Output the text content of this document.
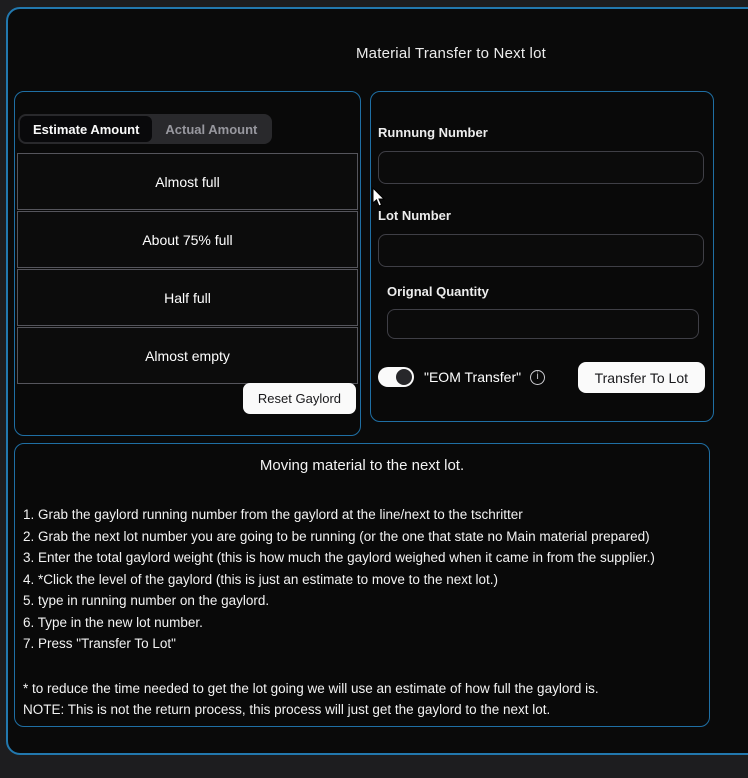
Material Transfer to Next lot
Estimate Amount	Actual Amount
Almost full
About 75% full
Half full
Almost empty
Reset Gaylord
Runnung Number
Lot Number
Orignal Quantity
"EOM Transfer"	i	Transfer To Lot
Moving material to the next lot.
1. Grab the gaylord running number from the gaylord at the line/next to the tschritter
2. Grab the next lot number you are going to be running (or the one that state no Main material prepared)
3. Enter the total gaylord weight (this is how much the gaylord weighed when it came in from the supplier.)
4. *Click the level of the gaylord (this is just an estimate to move to the next lot.)
5. type in running number on the gaylord.
6. Type in the new lot number.
7. Press "Transfer To Lot"
* to reduce the time needed to get the lot going we will use an estimate of how full the gaylord is.
NOTE: This is not the return process, this process will just get the gaylord to the next lot.
